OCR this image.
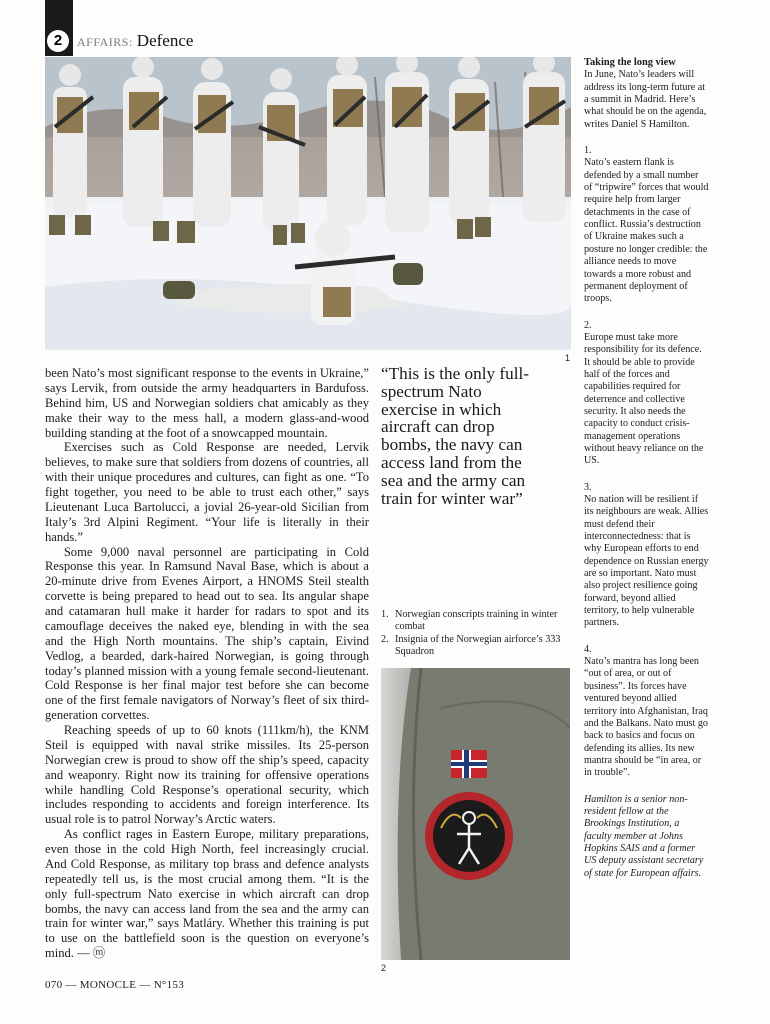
2	AFFAIRS: Defence
1

been Nato’s most significant response to the events in Ukraine,” says Lervik, from outside the army headquarters in Bardufoss. Behind him, US and Norwegian soldiers chat amicably as they make their way to the mess hall, a modern glass-and-wood building standing at the foot of a snowcapped mountain.

Exercises such as Cold Response are needed, Lervik believes, to make sure that soldiers from dozens of countries, all with their unique procedures and cultures, can fight as one. “To fight together, you need to be able to trust each other,” says Lieutenant Luca Bartolucci, a jovial 26-year-old Sicilian from Italy’s 3rd Alpini Regiment. “Your life is literally in their hands.”

Some 9,000 naval personnel are participating in Cold Response this year. In Ramsund Naval Base, which is about a 20-minute drive from Evenes Airport, a HNOMS Steil stealth corvette is being prepared to head out to sea. Its angular shape and catamaran hull make it harder for radars to spot and its camouflage deceives the naked eye, blending in with the sea and the High North mountains. The ship’s captain, Eivind Vedlog, a bearded, dark-haired Norwegian, is going through today’s planned mission with a young female second-lieutenant. Cold Response is her final major test before she can become one of the first female navigators of Norway’s fleet of six third-generation corvettes.

Reaching speeds of up to 60 knots (111km/h), the KNM Steil is equipped with naval strike missiles. Its 25-person Norwegian crew is proud to show off the ship’s speed, capacity and weaponry. Right now its training for offensive operations while handling Cold Response’s operational security, which includes responding to accidents and foreign interference. Its usual role is to patrol Norway’s Arctic waters.

As conflict rages in Eastern Europe, military preparations, even those in the cold High North, feel increasingly crucial. And Cold Response, as military top brass and defence analysts repeatedly tell us, is the most crucial among them. “It is the only full-spectrum Nato exercise in which aircraft can drop bombs, the navy can access land from the sea and the army can train for winter war,” says Matláry. Whether this training is put to use on the battlefield soon is the question on everyone’s mind. — ⓜ

“This is the only full-spectrum Nato exercise in which aircraft can drop bombs, the navy can access land from the sea and the army can train for winter war”
1. Norwegian conscripts training in winter combat
2. Insignia of the Norwegian airforce’s 333 Squadron
2
Taking the long view
In June, Nato’s leaders will address its long-term future at a summit in Madrid. Here’s what should be on the agenda, writes Daniel S Hamilton.
1.
Nato’s eastern flank is defended by a small number of “tripwire” forces that would require help from larger detachments in the case of conflict. Russia’s destruction of Ukraine makes such a posture no longer credible: the alliance needs to move towards a more robust and permanent deployment of troops.
2.
Europe must take more responsibility for its defence. It should be able to provide half of the forces and capabilities required for deterrence and collective security. It also needs the capacity to conduct crisis-management operations without heavy reliance on the US.
3.
No nation will be resilient if its neighbours are weak. Allies must defend their interconnectedness: that is why European efforts to end dependence on Russian energy are so important. Nato must also project resilience going forward, beyond allied territory, to help vulnerable partners.
4.
Nato’s mantra has long been “out of area, or out of business”. Its forces have ventured beyond allied territory into Afghanistan, Iraq and the Balkans. Nato must go back to basics and focus on defending its allies. Its new mantra should be “in area, or in trouble”.
Hamilton is a senior non-resident fellow at the Brookings Institution, a faculty member at Johns Hopkins SAIS and a former US deputy assistant secretary of state for European affairs.
070 — MONOCLE — N°153
